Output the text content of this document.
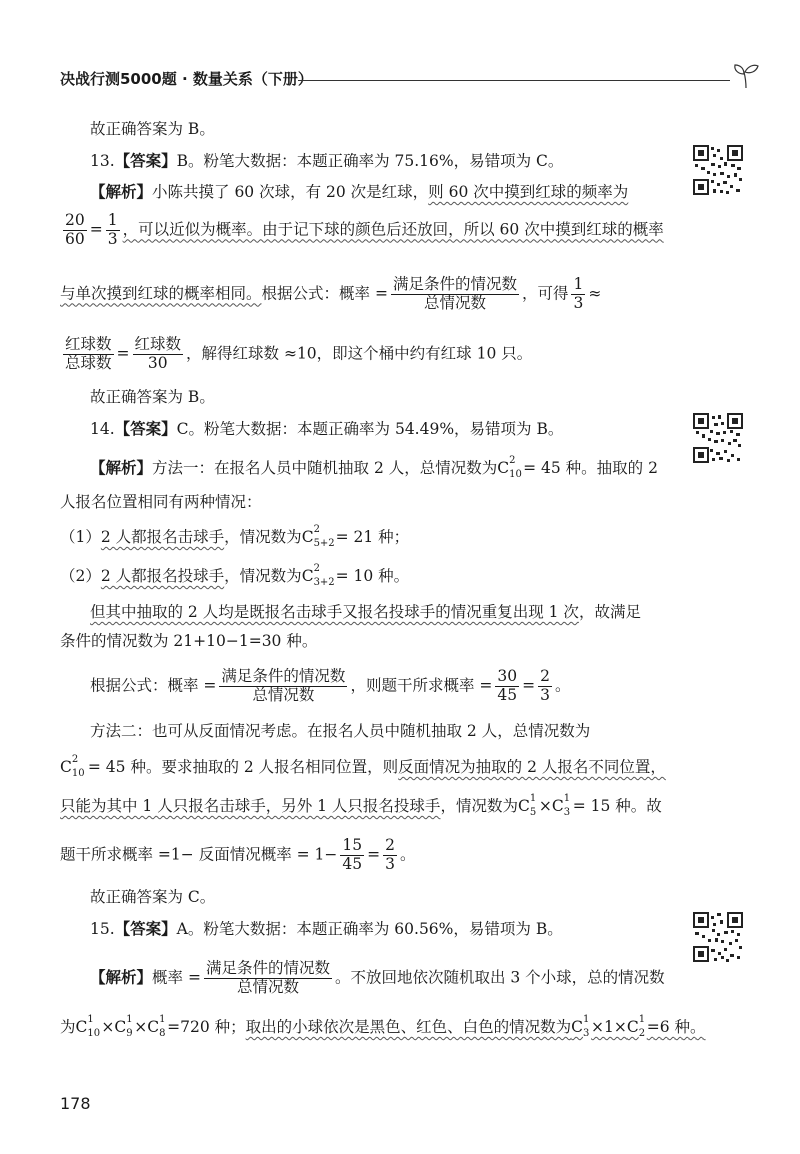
决战行测5000题 · 数量关系（下册）
故正确答案为 B。
13.【答案】B。粉笔大数据：本题正确率为 75.16%，易错项为 C。
【解析】小陈共摸了 60 次球，有 20 次是红球，则 60 次中摸到红球的频率为
$\frac{20}{60} = \frac{1}{3}$ ，可以近似为概率。由于记下球的颜色后还放回，所以 60 次中摸到红球的概率
与单次摸到红球的概率相同。根据公式：概率 = $\frac{\text{满足条件的情况数}}{\text{总情况数}}$ ，可得 $\frac{1}{3}$ ≈
$\frac{\text{红球数}}{\text{总球数}} = \frac{\text{红球数}}{30}$ ，解得红球数 ≈10，即这个桶中约有红球 10 只。
故正确答案为 B。
14.【答案】C。粉笔大数据：本题正确率为 54.49%，易错项为 B。
【解析】方法一：在报名人员中随机抽取 2 人，总情况数为C 2
10 = 45 种。抽取的 2
人报名位置相同有两种情况：
（1）2 人都报名击球手，情况数为C 2
5+2 = 21 种；
（2）2 人都报名投球手，情况数为C 2
3+2 = 10 种。
但其中抽取的 2 人均是既报名击球手又报名投球手的情况重复出现 1 次，故满足
条件的情况数为 21+10−1=30 种。
根据公式：概率 = $\frac{\text{满足条件的情况数}}{\text{总情况数}}$ ，则题干所求概率 = $\frac{30}{45} = \frac{2}{3}$ 。
方法二：也可从反面情况考虑。在报名人员中随机抽取 2 人，总情况数为
C 2
10 = 45 种。要求抽取的 2 人报名相同位置，则反面情况为抽取的 2 人报名不同位置，
只能为其中 1 人只报名击球手，另外 1 人只报名投球手，情况数为C 1
5 ×C 1
3 = 15 种。故
题干所求概率 =1− 反面情况概率 = $1- \frac{15}{45} = \frac{2}{3}$ 。
故正确答案为 C。
15.【答案】A。粉笔大数据：本题正确率为 60.56%，易错项为 B。
【解析】概率 = $\frac{\text{满足条件的情况数}}{\text{总情况数}}$ 。不放回地依次随机取出 3 个小球，总的情况数
为C 1
10 ×C 1
9 ×C 1
8 =720 种；取出的小球依次是黑色、红色、白色的情况数为C 1
3 ×1×C 1
2 =6 种。
178
